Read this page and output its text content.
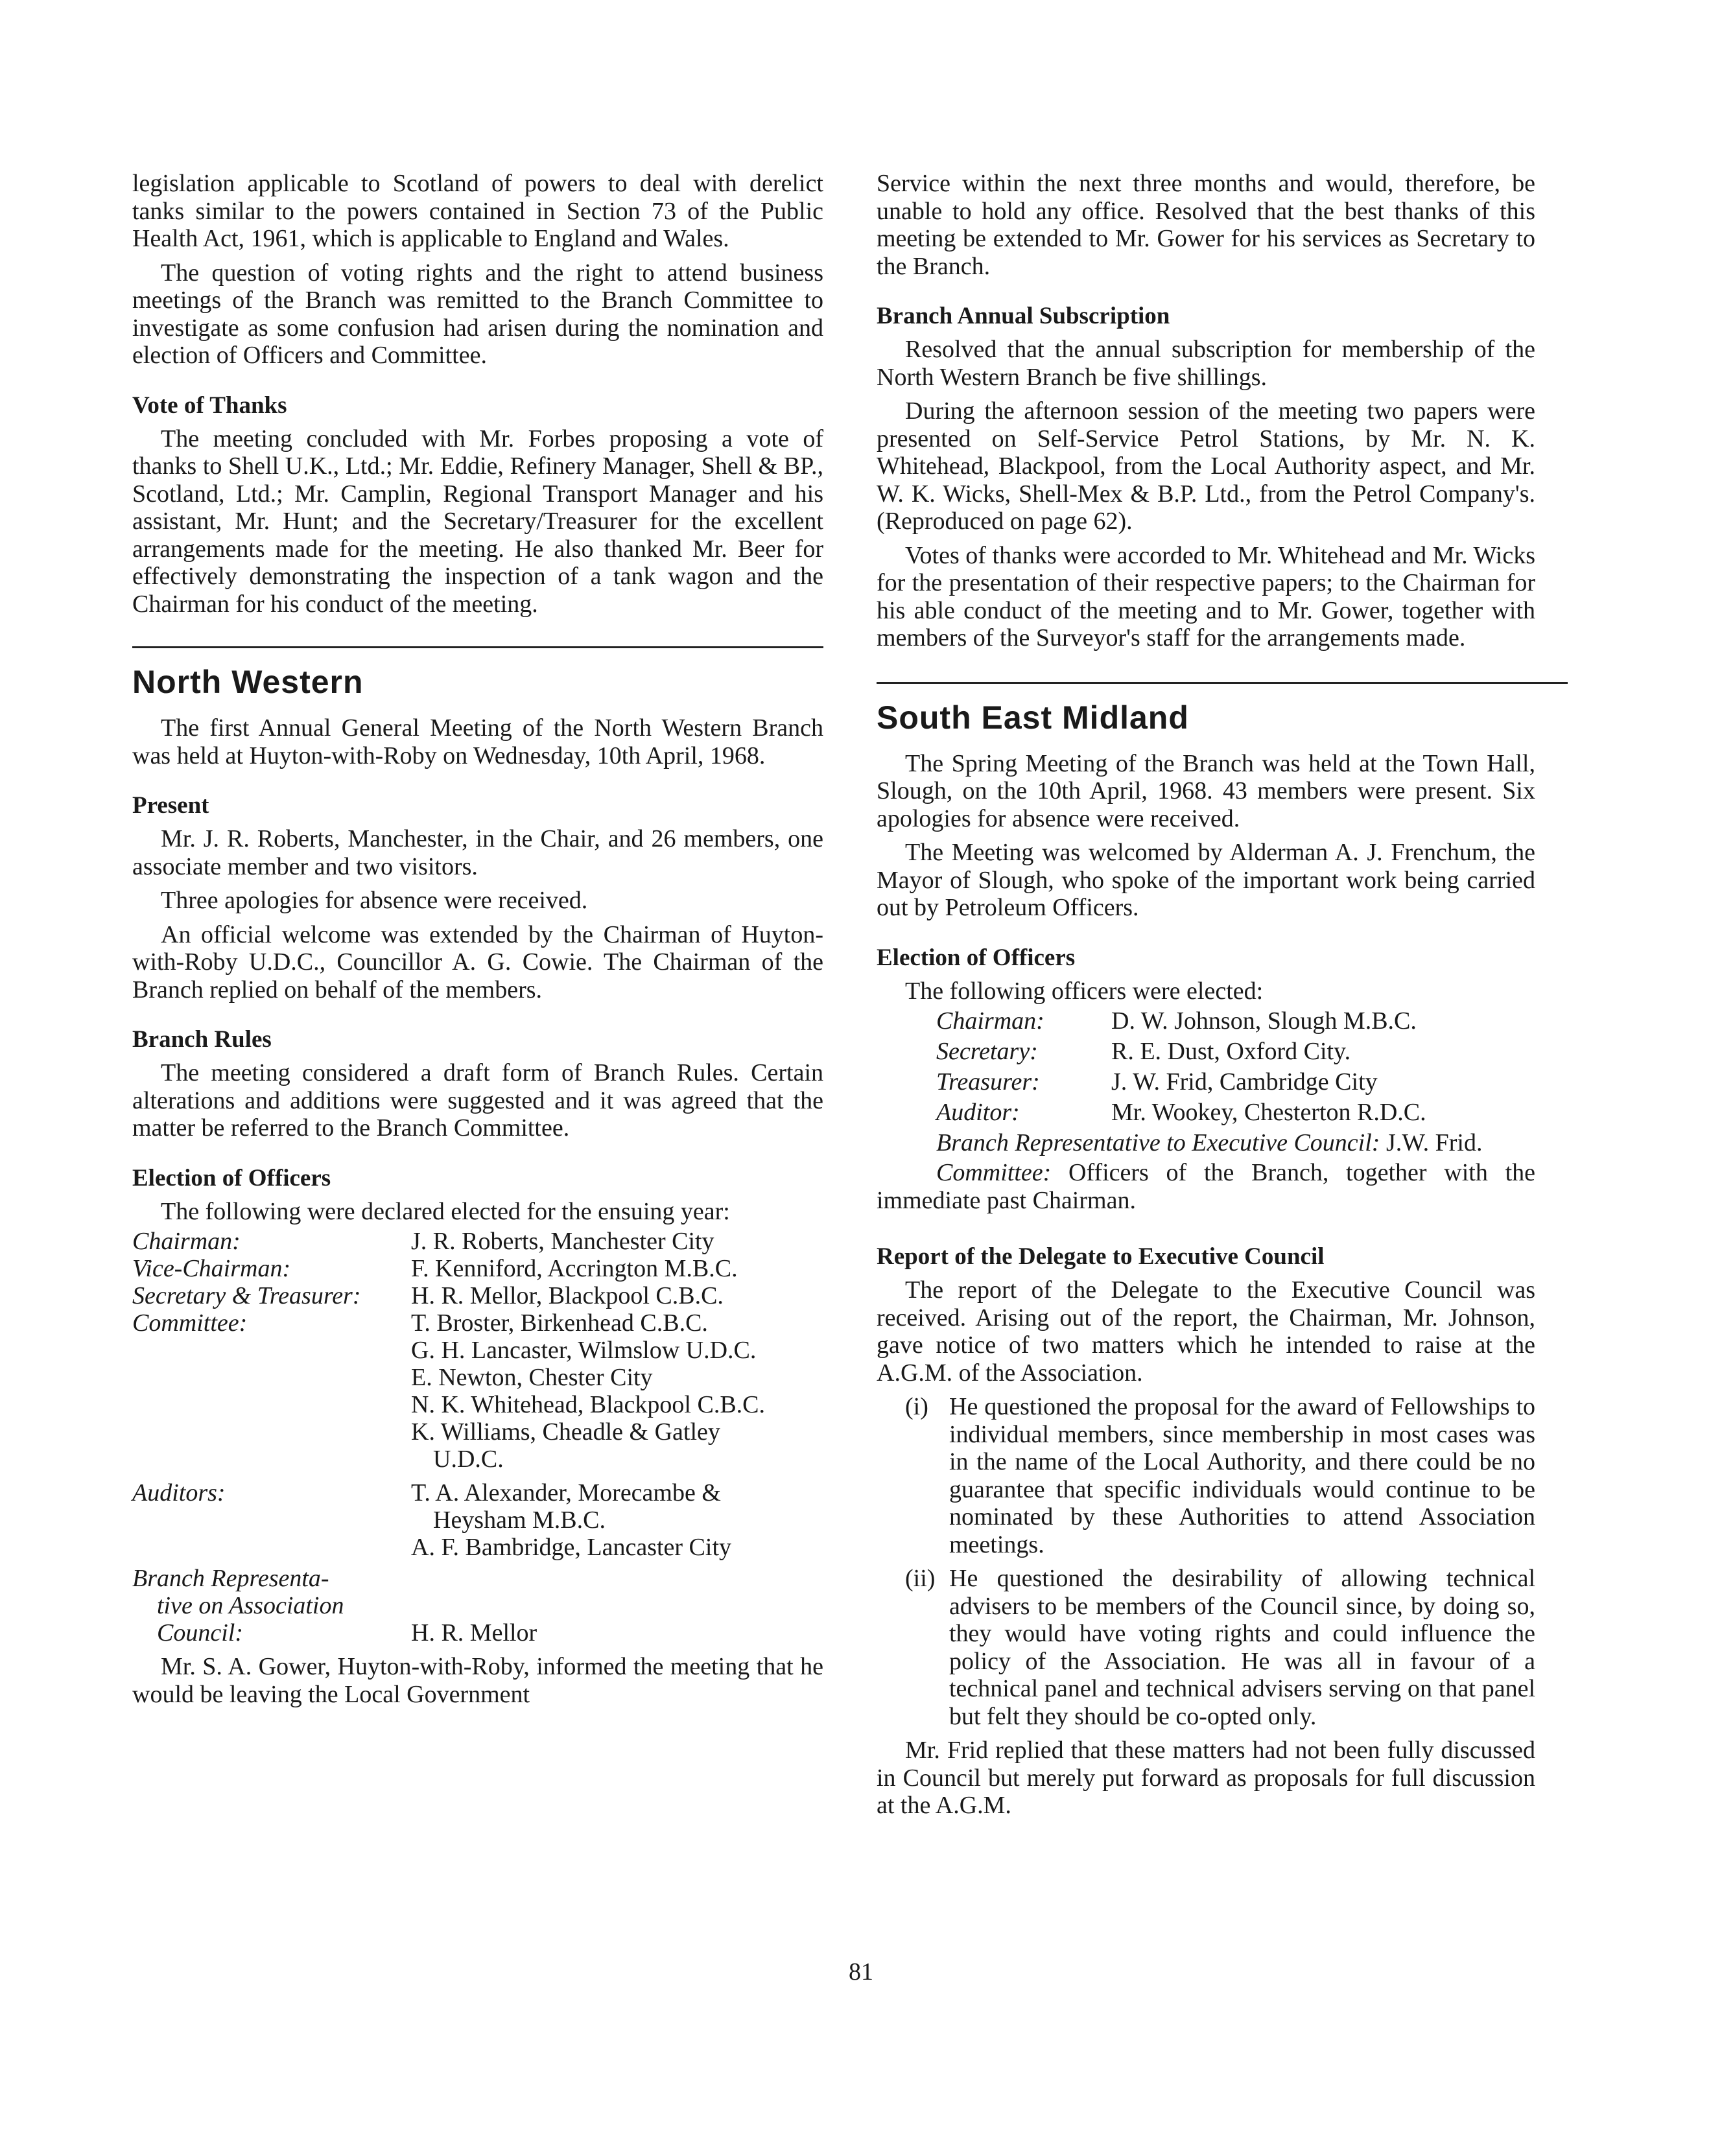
legislation applicable to Scotland of powers to deal with derelict tanks similar to the powers contained in Section 73 of the Public Health Act, 1961, which is applicable to England and Wales.

The question of voting rights and the right to attend business meetings of the Branch was remitted to the Branch Committee to investigate as some confusion had arisen during the nomination and election of Officers and Committee.

Vote of Thanks

The meeting concluded with Mr. Forbes proposing a vote of thanks to Shell U.K., Ltd.; Mr. Eddie, Refinery Manager, Shell & BP., Scotland, Ltd.; Mr. Camplin, Regional Transport Manager and his assistant, Mr. Hunt; and the Secretary/Treasurer for the excellent arrangements made for the meeting. He also thanked Mr. Beer for effectively demonstrating the inspection of a tank wagon and the Chairman for his conduct of the meeting.

North Western

The first Annual General Meeting of the North Western Branch was held at Huyton-with-Roby on Wednesday, 10th April, 1968.

Present

Mr. J. R. Roberts, Manchester, in the Chair, and 26 members, one associate member and two visitors.

Three apologies for absence were received.

An official welcome was extended by the Chairman of Huyton-with-Roby U.D.C., Councillor A. G. Cowie. The Chairman of the Branch replied on behalf of the members.

Branch Rules

The meeting considered a draft form of Branch Rules. Certain alterations and additions were suggested and it was agreed that the matter be referred to the Branch Committee.

Election of Officers

The following were declared elected for the ensuing year:

Chairman:	J. R. Roberts, Manchester City
Vice-Chairman:	F. Kenniford, Accrington M.B.C.
Secretary & Treasurer:	H. R. Mellor, Blackpool C.B.C.
Committee:	T. Broster, Birkenhead C.B.C.
G. H. Lancaster, Wilmslow U.D.C.
E. Newton, Chester City
N. K. Whitehead, Blackpool C.B.C.
K. Williams, Cheadle & Gatley
U.D.C.
Auditors:	T. A. Alexander, Morecambe &
Heysham M.B.C.
A. F. Bambridge, Lancaster City
Branch Representa-
tive on Association
Council:	H. R. Mellor

Mr. S. A. Gower, Huyton-with-Roby, informed the meeting that he would be leaving the Local Government

Service within the next three months and would, therefore, be unable to hold any office. Resolved that the best thanks of this meeting be extended to Mr. Gower for his services as Secretary to the Branch.

Branch Annual Subscription

Resolved that the annual subscription for membership of the North Western Branch be five shillings.

During the afternoon session of the meeting two papers were presented on Self-Service Petrol Stations, by Mr. N. K. Whitehead, Blackpool, from the Local Authority aspect, and Mr. W. K. Wicks, Shell-Mex & B.P. Ltd., from the Petrol Company's. (Reproduced on page 62).

Votes of thanks were accorded to Mr. Whitehead and Mr. Wicks for the presentation of their respective papers; to the Chairman for his able conduct of the meeting and to Mr. Gower, together with members of the Surveyor's staff for the arrangements made.

South East Midland

The Spring Meeting of the Branch was held at the Town Hall, Slough, on the 10th April, 1968. 43 members were present. Six apologies for absence were received.

The Meeting was welcomed by Alderman A. J. Frenchum, the Mayor of Slough, who spoke of the important work being carried out by Petroleum Officers.

Election of Officers

The following officers were elected:

Chairman:	D. W. Johnson, Slough M.B.C.
Secretary:	R. E. Dust, Oxford City.
Treasurer:	J. W. Frid, Cambridge City
Auditor:	Mr. Wookey, Chesterton R.D.C.
Branch Representative to Executive Council: J.W. Frid.

Committee: Officers of the Branch, together with the immediate past Chairman.

Report of the Delegate to Executive Council

The report of the Delegate to the Executive Council was received. Arising out of the report, the Chairman, Mr. Johnson, gave notice of two matters which he intended to raise at the A.G.M. of the Association.

(i) He questioned the proposal for the award of Fellowships to individual members, since membership in most cases was in the name of the Local Authority, and there could be no guarantee that specific individuals would continue to be nominated by these Authorities to attend Association meetings.
(ii) He questioned the desirability of allowing technical advisers to be members of the Council since, by doing so, they would have voting rights and could influence the policy of the Association. He was all in favour of a technical panel and technical advisers serving on that panel but felt they should be co-opted only.

Mr. Frid replied that these matters had not been fully discussed in Council but merely put forward as proposals for full discussion at the A.G.M.

81
